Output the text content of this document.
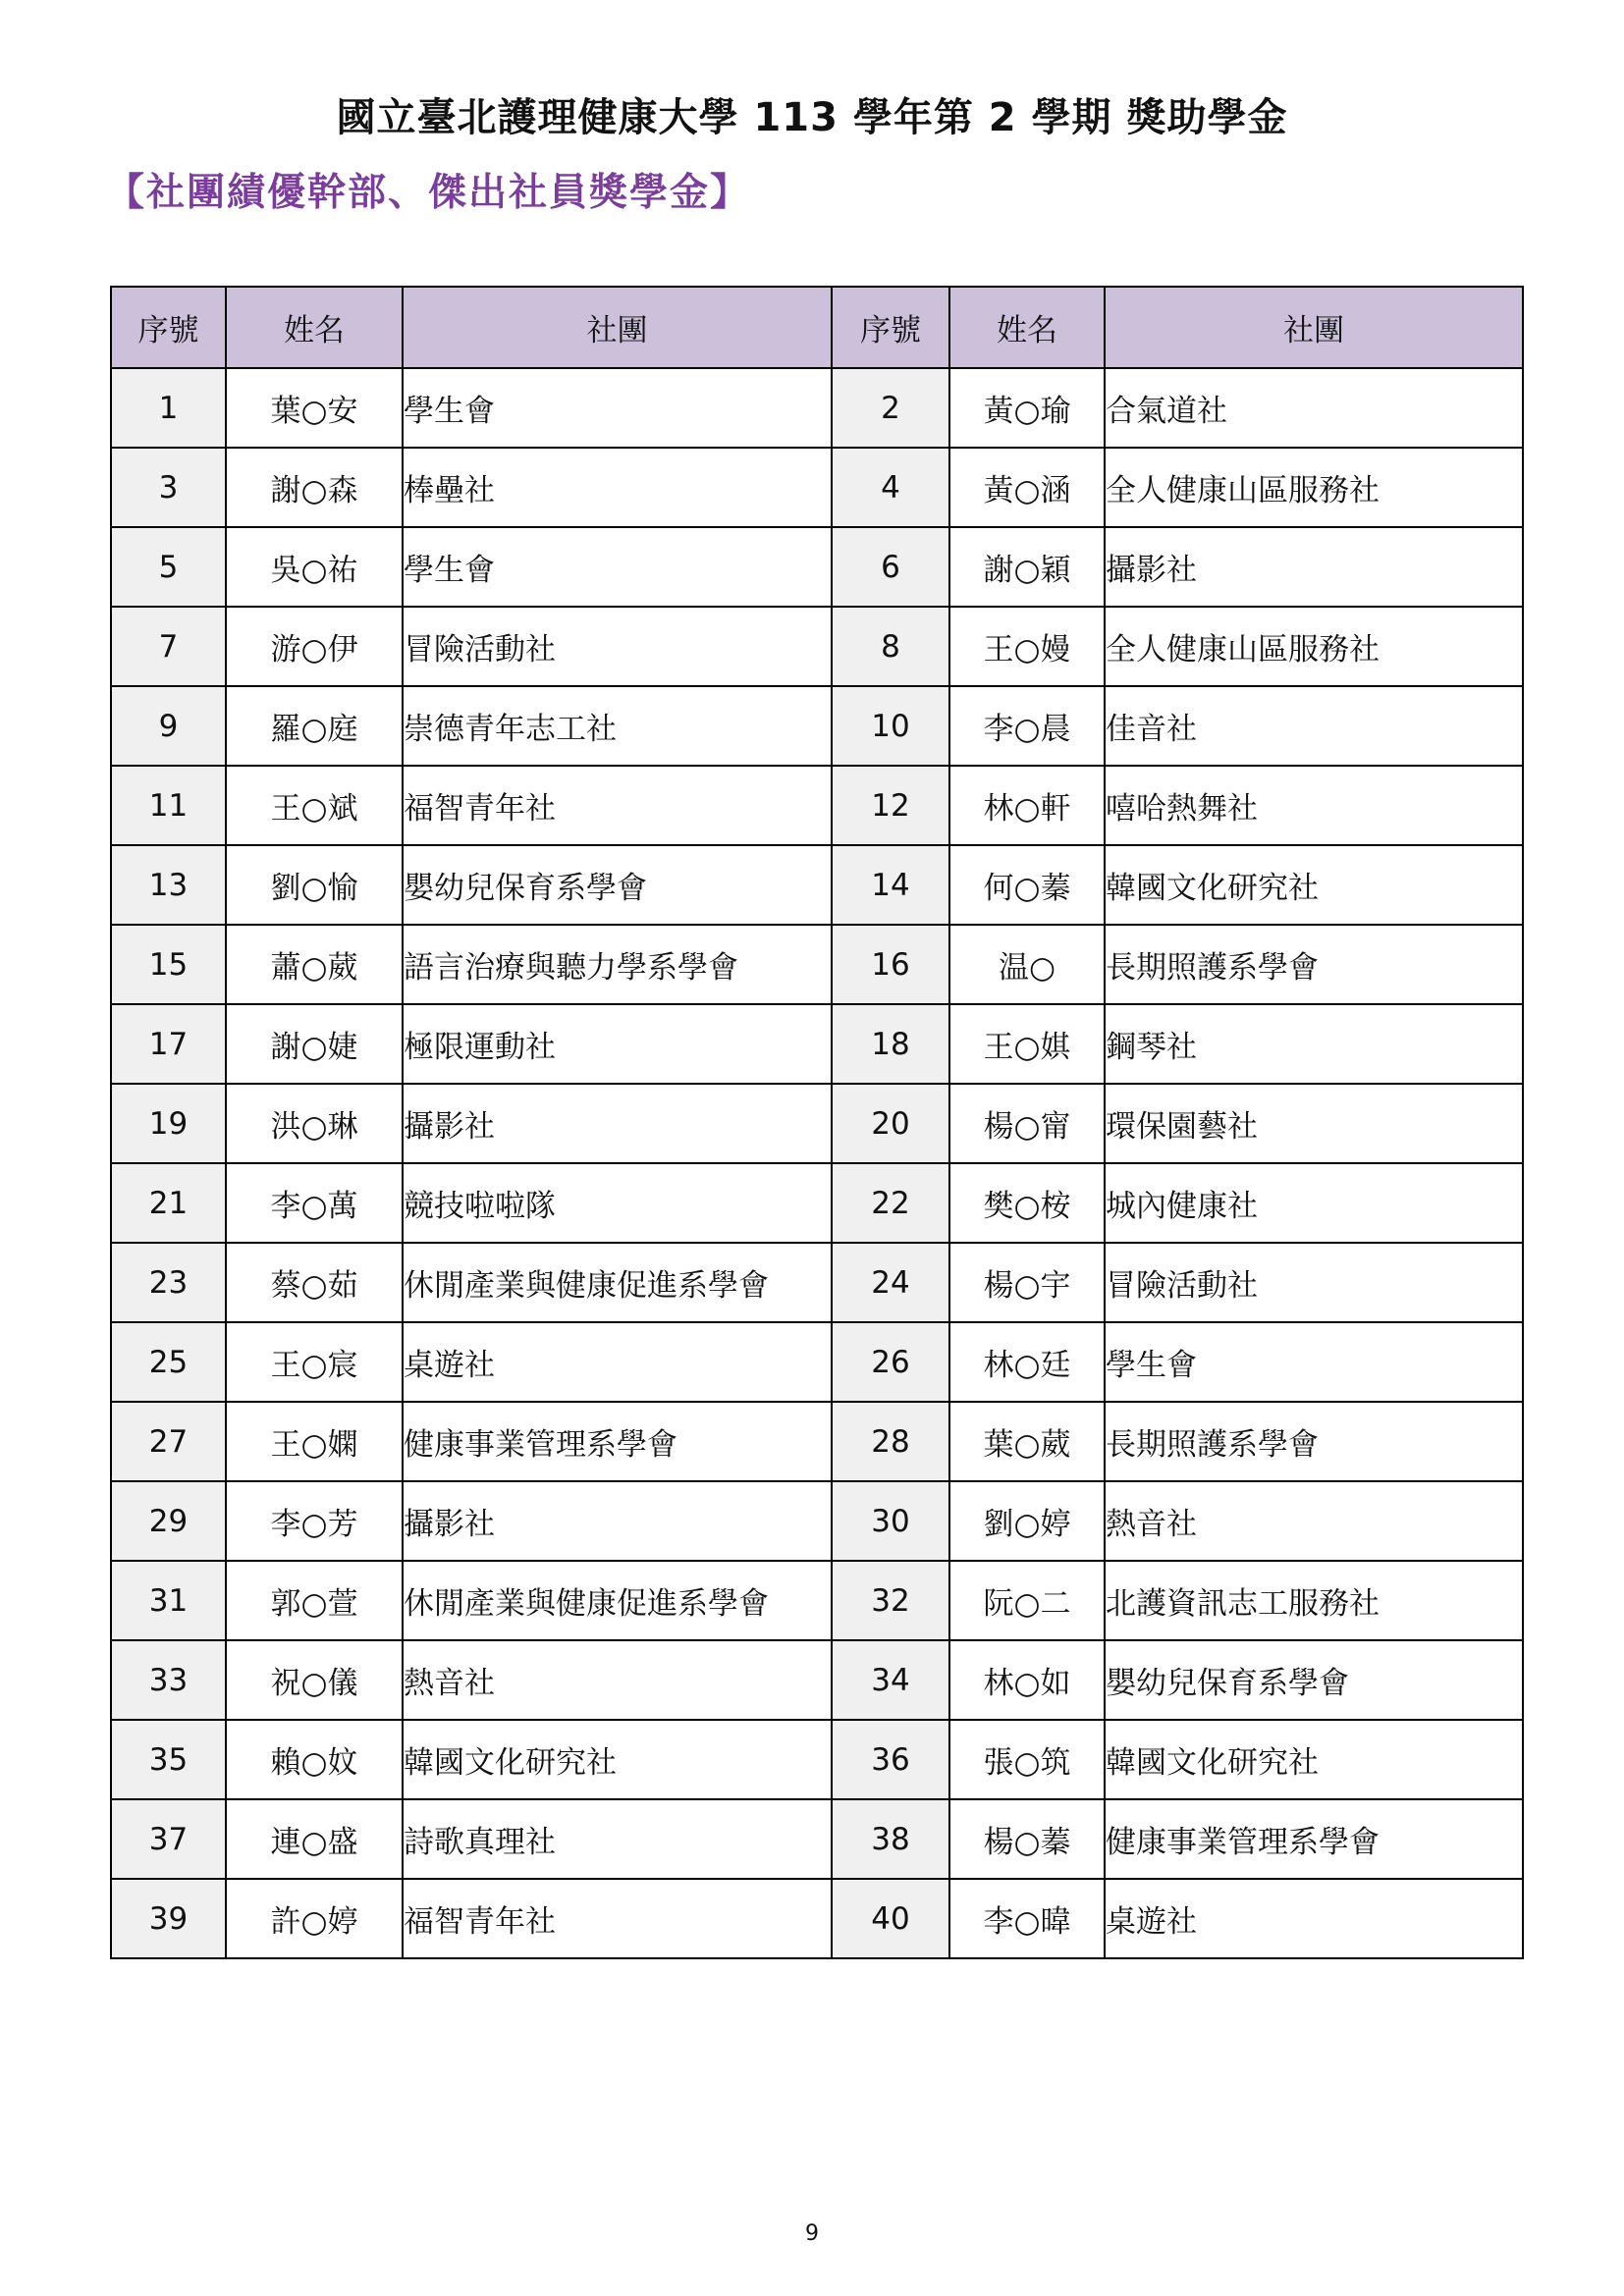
國立臺北護理健康大學 113 學年第 2 學期 獎助學金
【社團績優幹部、傑出社員獎學金】
序號	姓名	社團	序號	姓名	社團
1	葉○安	學生會	2	黃○瑜	合氣道社
3	謝○森	棒壘社	4	黃○涵	全人健康山區服務社
5	吳○祐	學生會	6	謝○穎	攝影社
7	游○伊	冒險活動社	8	王○嫚	全人健康山區服務社
9	羅○庭	崇德青年志工社	10	李○晨	佳音社
11	王○斌	福智青年社	12	林○軒	嘻哈熱舞社
13	劉○愉	嬰幼兒保育系學會	14	何○蓁	韓國文化研究社
15	蕭○葳	語言治療與聽力學系學會	16	温○	長期照護系學會
17	謝○婕	極限運動社	18	王○娸	鋼琴社
19	洪○琳	攝影社	20	楊○甯	環保園藝社
21	李○萬	競技啦啦隊	22	樊○桉	城內健康社
23	蔡○茹	休閒產業與健康促進系學會	24	楊○宇	冒險活動社
25	王○宸	桌遊社	26	林○廷	學生會
27	王○嫻	健康事業管理系學會	28	葉○葳	長期照護系學會
29	李○芳	攝影社	30	劉○婷	熱音社
31	郭○萱	休閒產業與健康促進系學會	32	阮○二	北護資訊志工服務社
33	祝○儀	熱音社	34	林○如	嬰幼兒保育系學會
35	賴○妏	韓國文化研究社	36	張○筑	韓國文化研究社
37	連○盛	詩歌真理社	38	楊○蓁	健康事業管理系學會
39	許○婷	福智青年社	40	李○暐	桌遊社
9
